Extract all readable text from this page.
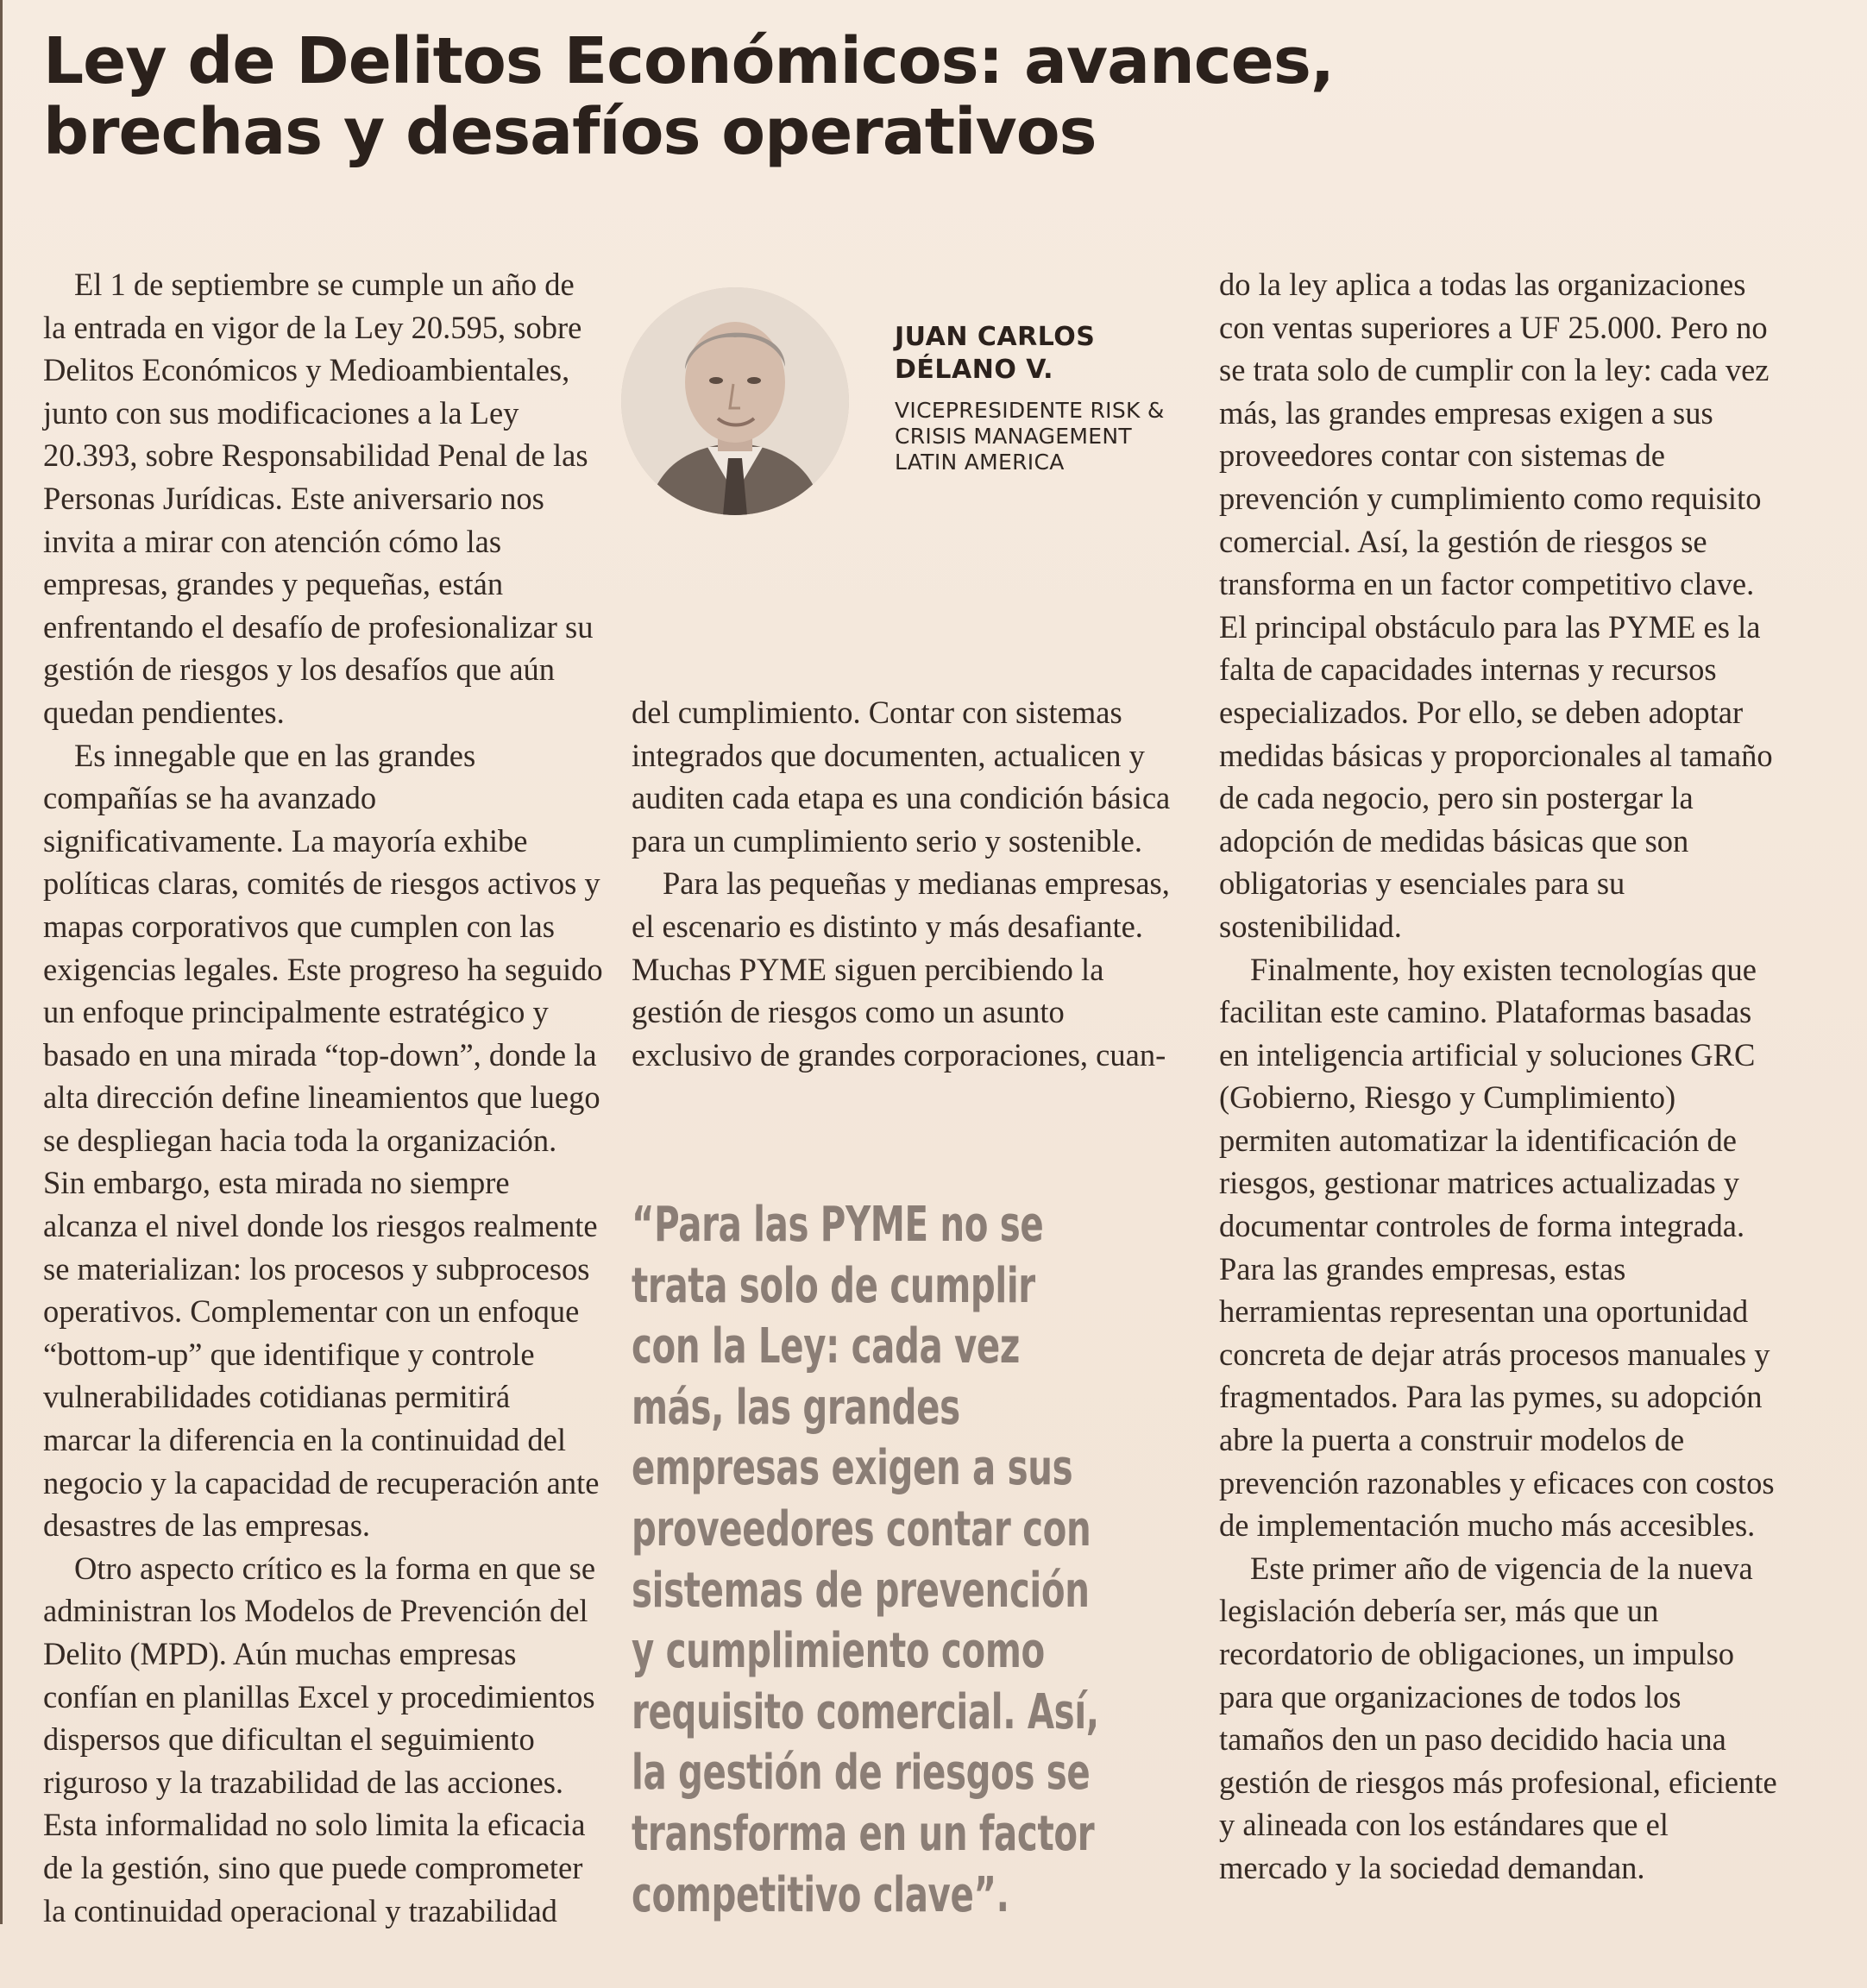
Ley de Delitos Económicos: avances,
brechas y desafíos operativos

El 1 de septiembre se cumple un año de la entrada en vigor de la Ley 20.595, sobre Delitos Económicos y Medioambientales, junto con sus modificaciones a la Ley 20.393, sobre Responsabilidad Penal de las Personas Jurídicas. Este aniversario nos invita a mirar con atención cómo las empresas, grandes y pequeñas, están enfrentando el desafío de profesionalizar su gestión de riesgos y los desafíos que aún quedan pendientes.

Es innegable que en las grandes compañías se ha avanzado significativamente. La mayoría exhibe políticas claras, comités de riesgos activos y mapas corporativos que cumplen con las exigencias legales. Este progreso ha seguido un enfoque principalmente estratégico y basado en una mirada “top-down”, donde la alta dirección define lineamientos que luego se despliegan hacia toda la organización. Sin embargo, esta mirada no siempre alcanza el nivel donde los riesgos realmente se materializan: los procesos y subprocesos operativos. Complementar con un enfoque “bottom-up” que identifique y controle vulnerabilidades cotidianas permitirá marcar la diferencia en la continuidad del negocio y la capacidad de recuperación ante desastres de las empresas.

Otro aspecto crítico es la forma en que se administran los Modelos de Prevención del Delito (MPD). Aún muchas empresas confían en planillas Excel y procedimientos dispersos que dificultan el seguimiento riguroso y la trazabilidad de las acciones. Esta informalidad no solo limita la eficacia de la gestión, sino que puede comprometer la continuidad operacional y trazabilidad

JUAN CARLOS
DÉLANO V.
VICEPRESIDENTE RISK &
CRISIS MANAGEMENT
LATIN AMERICA

del cumplimiento. Contar con sistemas integrados que documenten, actualicen y auditen cada etapa es una condición básica para un cumplimiento serio y sostenible.

Para las pequeñas y medianas empresas, el escenario es distinto y más desafiante. Muchas PYME siguen percibiendo la gestión de riesgos como un asunto exclusivo de grandes corporaciones, cuan-

“Para las PYME no se
trata solo de cumplir
con la Ley: cada vez
más, las grandes
empresas exigen a sus
proveedores contar con
sistemas de prevención
y cumplimiento como
requisito comercial. Así,
la gestión de riesgos se
transforma en un factor
competitivo clave”.

do la ley aplica a todas las organizaciones con ventas superiores a UF 25.000. Pero no se trata solo de cumplir con la ley: cada vez más, las grandes empresas exigen a sus proveedores contar con sistemas de prevención y cumplimiento como requisito comercial. Así, la gestión de riesgos se transforma en un factor competitivo clave. El principal obstáculo para las PYME es la falta de capacidades internas y recursos especializados. Por ello, se deben adoptar medidas básicas y proporcionales al tamaño de cada negocio, pero sin postergar la adopción de medidas básicas que son obligatorias y esenciales para su sostenibilidad.

Finalmente, hoy existen tecnologías que facilitan este camino. Plataformas basadas en inteligencia artificial y soluciones GRC (Gobierno, Riesgo y Cumplimiento) permiten automatizar la identificación de riesgos, gestionar matrices actualizadas y documentar controles de forma integrada. Para las grandes empresas, estas herramientas representan una oportunidad concreta de dejar atrás procesos manuales y fragmentados. Para las pymes, su adopción abre la puerta a construir modelos de prevención razonables y eficaces con costos de implementación mucho más accesibles.

Este primer año de vigencia de la nueva legislación debería ser, más que un recordatorio de obligaciones, un impulso para que organizaciones de todos los tamaños den un paso decidido hacia una gestión de riesgos más profesional, eficiente y alineada con los estándares que el mercado y la sociedad demandan.
